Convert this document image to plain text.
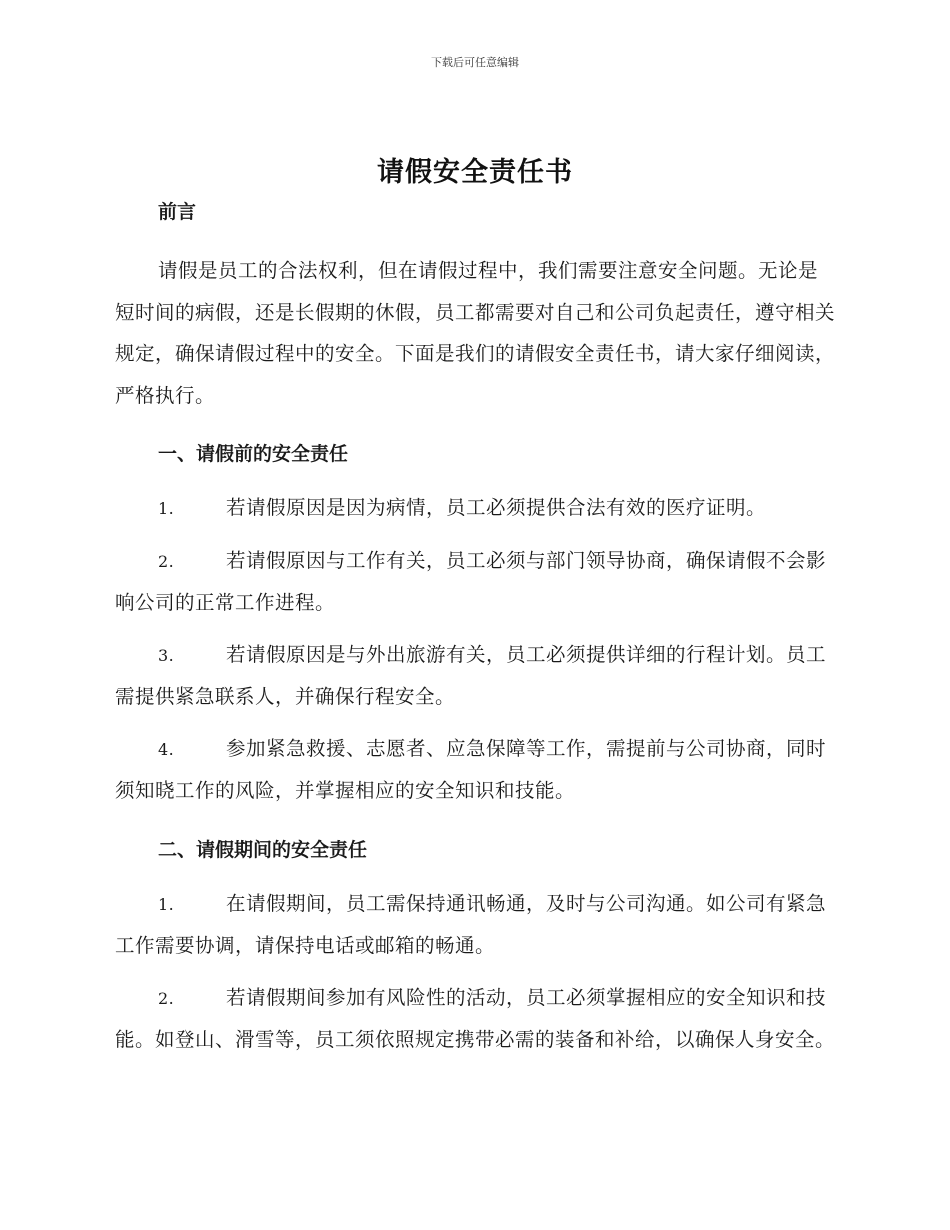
下载后可任意编辑
请假安全责任书

前言

请假是员工的合法权利，但在请假过程中，我们需要注意安全问题。无论是短时间的病假，还是长假期的休假，员工都需要对自己和公司负起责任，遵守相关规定，确保请假过程中的安全。下面是我们的请假安全责任书，请大家仔细阅读，严格执行。

一、请假前的安全责任

1.	若请假原因是因为病情，员工必须提供合法有效的医疗证明。

2.	若请假原因与工作有关，员工必须与部门领导协商，确保请假不会影响公司的正常工作进程。

3.	若请假原因是与外出旅游有关，员工必须提供详细的行程计划。员工需提供紧急联系人，并确保行程安全。

4.	参加紧急救援、志愿者、应急保障等工作，需提前与公司协商，同时须知晓工作的风险，并掌握相应的安全知识和技能。

二、请假期间的安全责任

1.	在请假期间，员工需保持通讯畅通，及时与公司沟通。如公司有紧急工作需要协调，请保持电话或邮箱的畅通。

2.	若请假期间参加有风险性的活动，员工必须掌握相应的安全知识和技能。如登山、滑雪等，员工须依照规定携带必需的装备和补给，以确保人身安全。
